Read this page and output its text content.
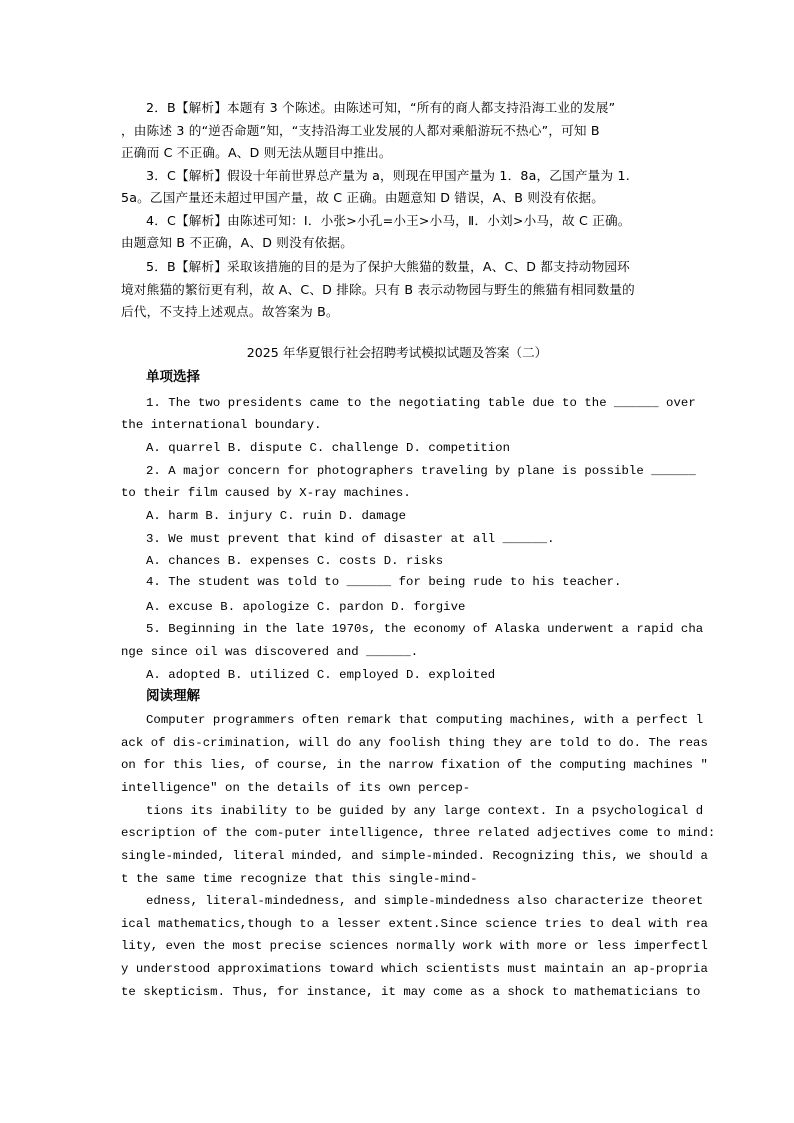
2．B【解析】本题有 3 个陈述。由陈述可知，“所有的商人都支持沿海工业的发展”
，由陈述 3 的“逆否命题”知，“支持沿海工业发展的人都对乘船游玩不热心”，可知 B
正确而 C 不正确。A、D 则无法从题目中推出。
3．C【解析】假设十年前世界总产量为 a，则现在甲国产量为 1．8a，乙国产量为 1.
5a。乙国产量还未超过甲国产量，故 C 正确。由题意知 D 错误，A、B 则没有依据。
4．C【解析】由陈述可知：Ⅰ．小张>小孔=小王>小马，Ⅱ．小刘>小马，故 C 正确。
由题意知 B 不正确，A、D 则没有依据。
5．B【解析】采取该措施的目的是为了保护大熊猫的数量，A、C、D 都支持动物园环
境对熊猫的繁衍更有利，故 A、C、D 排除。只有 B 表示动物园与野生的熊猫有相同数量的
后代，不支持上述观点。故答案为 B。
2025 年华夏银行社会招聘考试模拟试题及答案（二）
单项选择
1. The two presidents came to the negotiating table due to the ______ over
the international boundary.
A. quarrel B. dispute C. challenge D. competition
2. A major concern for photographers traveling by plane is possible ______
to their film caused by X-ray machines.
A. harm B. injury C. ruin D. damage
3. We must prevent that kind of disaster at all ______.
A. chances B. expenses C. costs D. risks
4. The student was told to ______ for being rude to his teacher.
A. excuse B. apologize C. pardon D. forgive
5. Beginning in the late 1970s, the economy of Alaska underwent a rapid cha
nge since oil was discovered and ______.
A. adopted B. utilized C. employed D. exploited
阅读理解
Computer programmers often remark that computing machines, with a perfect l
ack of dis-crimination, will do any foolish thing they are told to do. The reas
on for this lies, of course, in the narrow fixation of the computing machines ″
intelligence″ on the details of its own percep-
tions its inability to be guided by any large context. In a psychological d
escription of the com-puter intelligence, three related adjectives come to mind:
single-minded, literal minded, and simple-minded. Recognizing this, we should a
t the same time recognize that this single-mind-
edness, literal-mindedness, and simple-mindedness also characterize theoret
ical mathematics,though to a lesser extent.Since science tries to deal with rea
lity, even the most precise sciences normally work with more or less imperfectl
y understood approximations toward which scientists must maintain an ap-propria
te skepticism. Thus, for instance, it may come as a shock to mathematicians to
